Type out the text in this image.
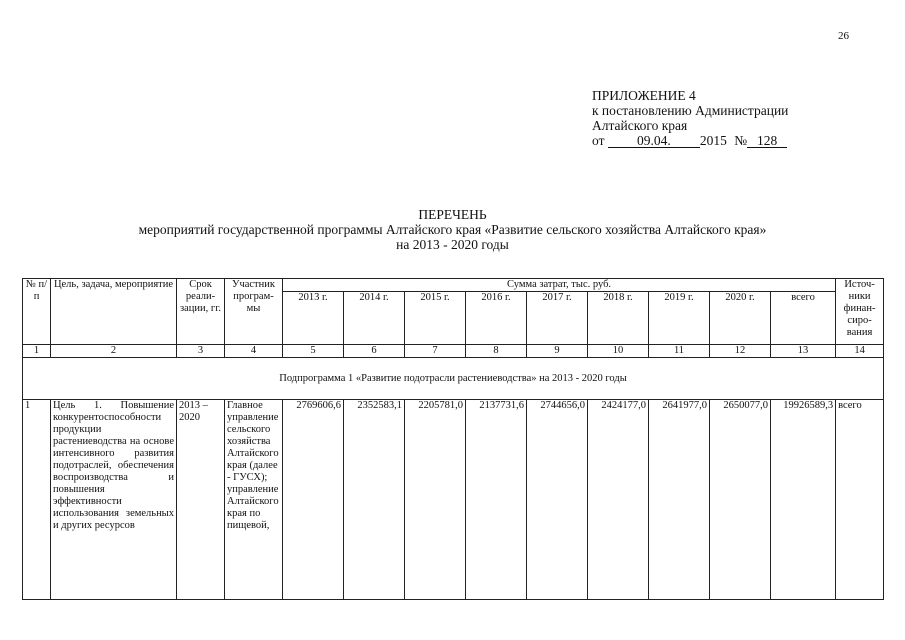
26
ПРИЛОЖЕНИЕ 4
к постановлению Администрации
Алтайского края
от 09.04. 2015 № 128
ПЕРЕЧЕНЬ
мероприятий государственной программы Алтайского края «Развитие сельского хозяйства Алтайского края»
на 2013 - 2020 годы
№ п/п	Цель, задача, мероприятие	Срок реали-зации, гг.	Участник програм-мы	Сумма затрат, тыс. руб.									Источ-ники финан-сиро-вания
				2013 г.	2014 г.	2015 г.	2016 г.	2017 г.	2018 г.	2019 г.	2020 г.	всего	
1	2	3	4	5	6	7	8	9	10	11	12	13	14
Подпрограмма 1 «Развитие подотрасли растениеводства» на 2013 - 2020 годы													
1	Цель 1. Повышение конкурентоспособности продукции растениеводства на основе интенсивного развития подотраслей, обеспечения воспроизводства и повышения эффективности использования земельных и других ресурсов	2013 – 2020	Главное управление сельского хозяйства Алтайского края (далее - ГУСХ); управление Алтайского края по пищевой,	2769606,6	2352583,1	2205781,0	2137731,6	2744656,0	2424177,0	2641977,0	2650077,0	19926589,3	всего
